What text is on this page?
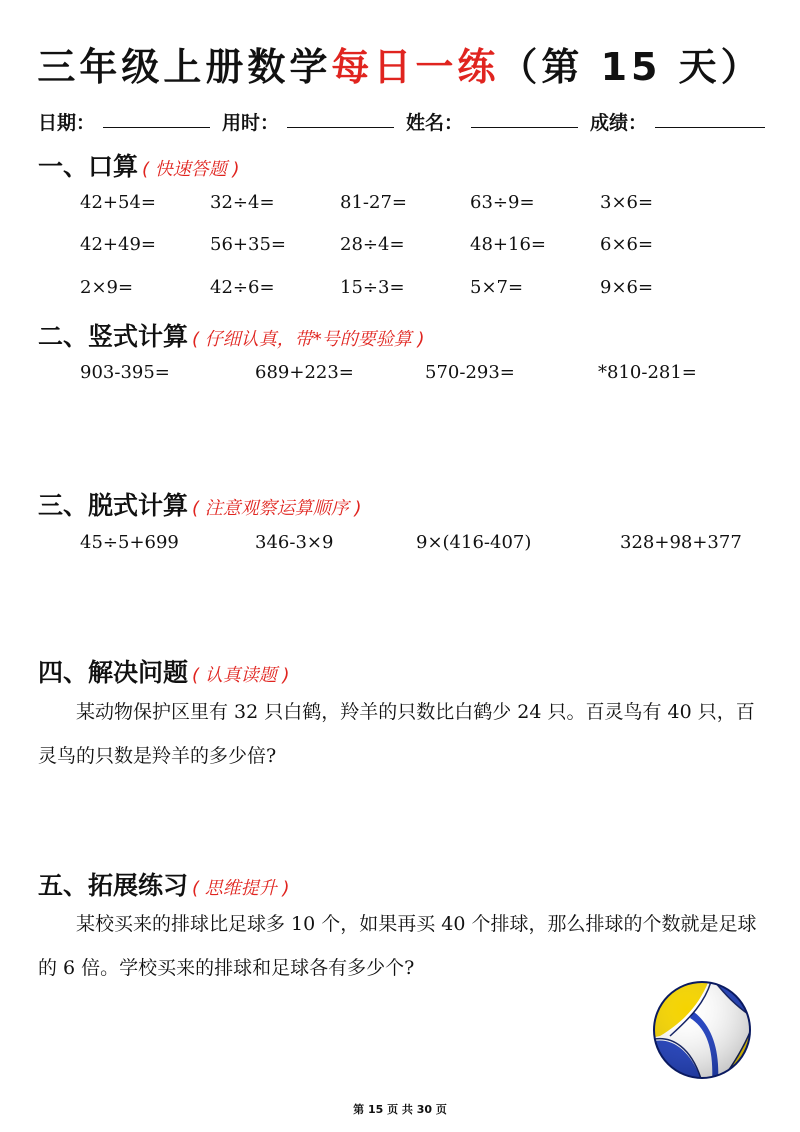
三年级上册数学每日一练（第 15 天）
日期：	用时：	姓名：	成绩：
一、口算 ( 快速答题 )
42+54=	32÷4=	81-27=	63÷9=	3×6=
42+49=	56+35=	28÷4=	48+16=	6×6=
2×9=	42÷6=	15÷3=	5×7=	9×6=
二、竖式计算 ( 仔细认真，带*号的要验算 )
903-395=	689+223=	570-293=	*810-281=
三、脱式计算 ( 注意观察运算顺序 )
45÷5+699	346-3×9	9×(416-407)	328+98+377
四、解决问题 ( 认真读题 )
　　某动物保护区里有 32 只白鹤，羚羊的只数比白鹤少 24 只。百灵鸟有 40 只，百灵鸟的只数是羚羊的多少倍?
五、拓展练习 ( 思维提升 )
　　某校买来的排球比足球多 10 个，如果再买 40 个排球，那么排球的个数就是足球的 6 倍。学校买来的排球和足球各有多少个?
第 15 页 共 30 页
